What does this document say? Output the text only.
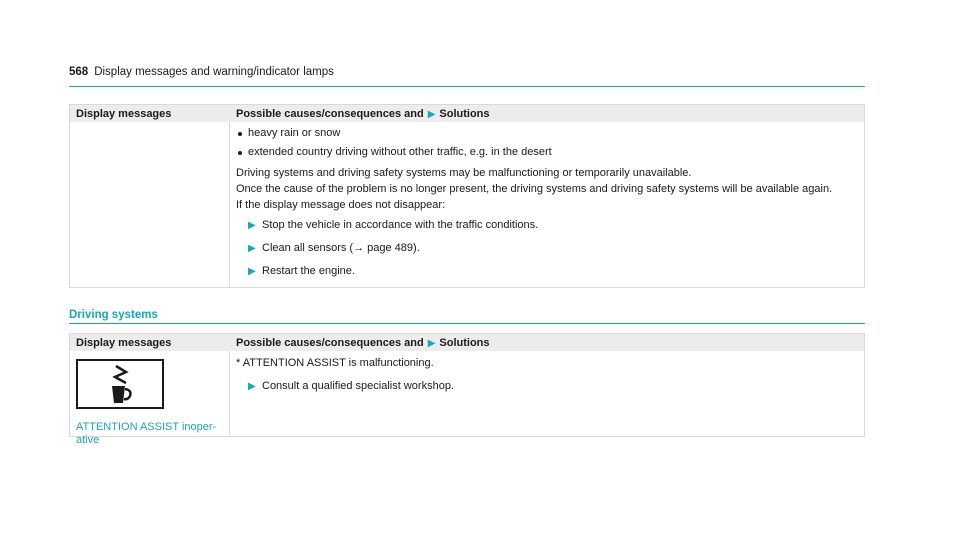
568 Display messages and warning/indicator lamps
Display messages	Possible causes/consequences and ▶ Solutions
heavy rain or snow
extended country driving without other traffic, e.g. in the desert

Driving systems and driving safety systems may be malfunctioning or temporarily unavailable.

Once the cause of the problem is no longer present, the driving systems and driving safety systems will be available again.

If the display message does not disappear:

▶ Stop the vehicle in accordance with the traffic conditions.
▶ Clean all sensors (→ page 489).
▶ Restart the engine.
Driving systems
Display messages	Possible causes/consequences and ▶ Solutions
ATTENTION ASSIST inoper-ative

* ATTENTION ASSIST is malfunctioning.

▶ Consult a qualified specialist workshop.
